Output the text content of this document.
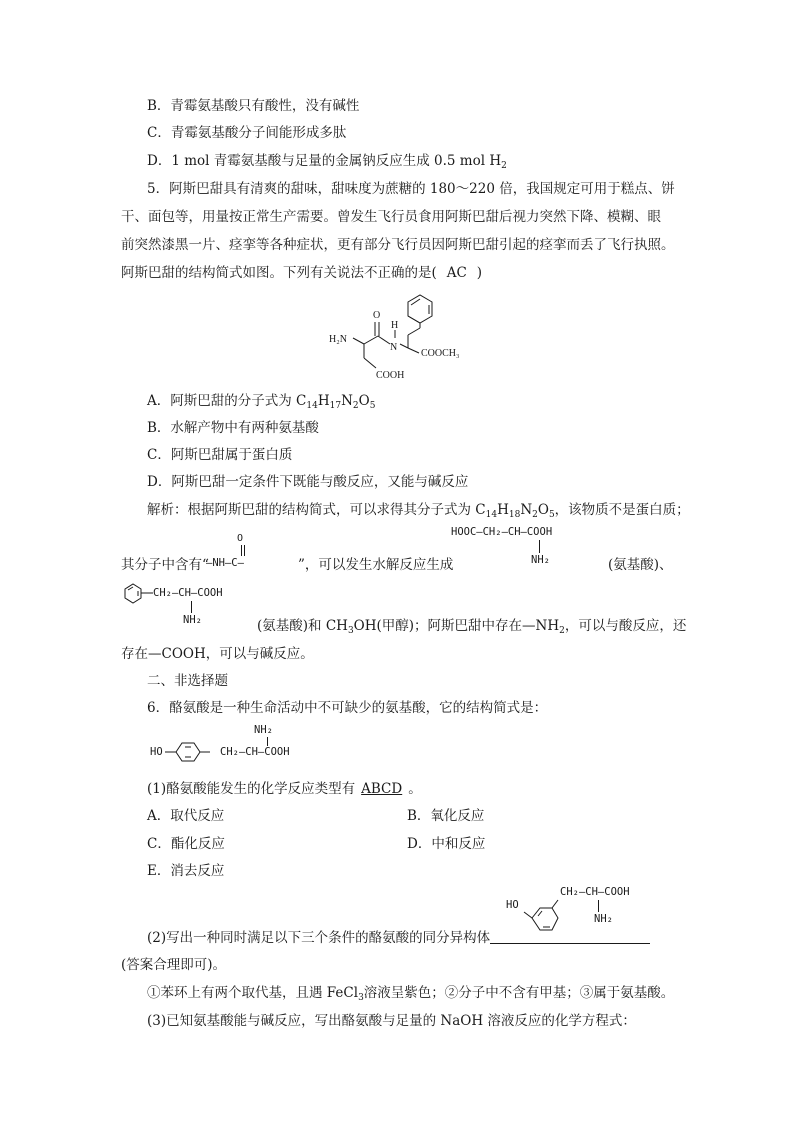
B．青霉氨基酸只有酸性，没有碱性
C．青霉氨基酸分子间能形成多肽
D．1 mol 青霉氨基酸与足量的金属钠反应生成 0.5 mol $H_2$
5．阿斯巴甜具有清爽的甜味，甜味度为蔗糖的 180～220 倍，我国规定可用于糕点、饼
干、面包等，用量按正常生产需要。曾发生飞行员食用阿斯巴甜后视力突然下降、模糊、眼
前突然漆黑一片、痉挛等各种症状，更有部分飞行员因阿斯巴甜引起的痉挛而丢了飞行执照。
阿斯巴甜的结构简式如图。下列有关说法不正确的是( AC )
H₂N
O
H
N
COOCH₃
COOH
A．阿斯巴甜的分子式为 $C_{14}H_{17}N_2O_5$
B．水解产物中有两种氨基酸
C．阿斯巴甜属于蛋白质
D．阿斯巴甜一定条件下既能与酸反应，又能与碱反应
解析：根据阿斯巴甜的结构简式，可以求得其分子式为 $C_{14}H_{18}N_2O_5$，该物质不是蛋白质；
其分子中含有“
O
—NH—C—	”，可以发生水解反应生成
HOOC—CH₂—CH—COOH
NH₂	(氨基酸)、
CH₂—CH—COOH
NH₂	(氨基酸)和 $CH_3OH$(甲醇)；阿斯巴甜中存在$—NH_2$，可以与酸反应，还
存在—COOH，可以与碱反应。
二、非选择题
6．酪氨酸是一种生命活动中不可缺少的氨基酸，它的结构简式是：
HO
NH₂
CH₂—CH—COOH
(1)酪氨酸能发生的化学反应类型有 ABCD 。
A．取代反应	B．氧化反应
C．酯化反应	D．中和反应
E．消去反应
HO
CH₂—CH—COOH
NH₂
(2)写出一种同时满足以下三个条件的酪氨酸的同分异构体
(答案合理即可)。
①苯环上有两个取代基，且遇 FeCl$_3$溶液呈紫色；②分子中不含有甲基；③属于氨基酸。
(3)已知氨基酸能与碱反应，写出酪氨酸与足量的 NaOH 溶液反应的化学方程式：
